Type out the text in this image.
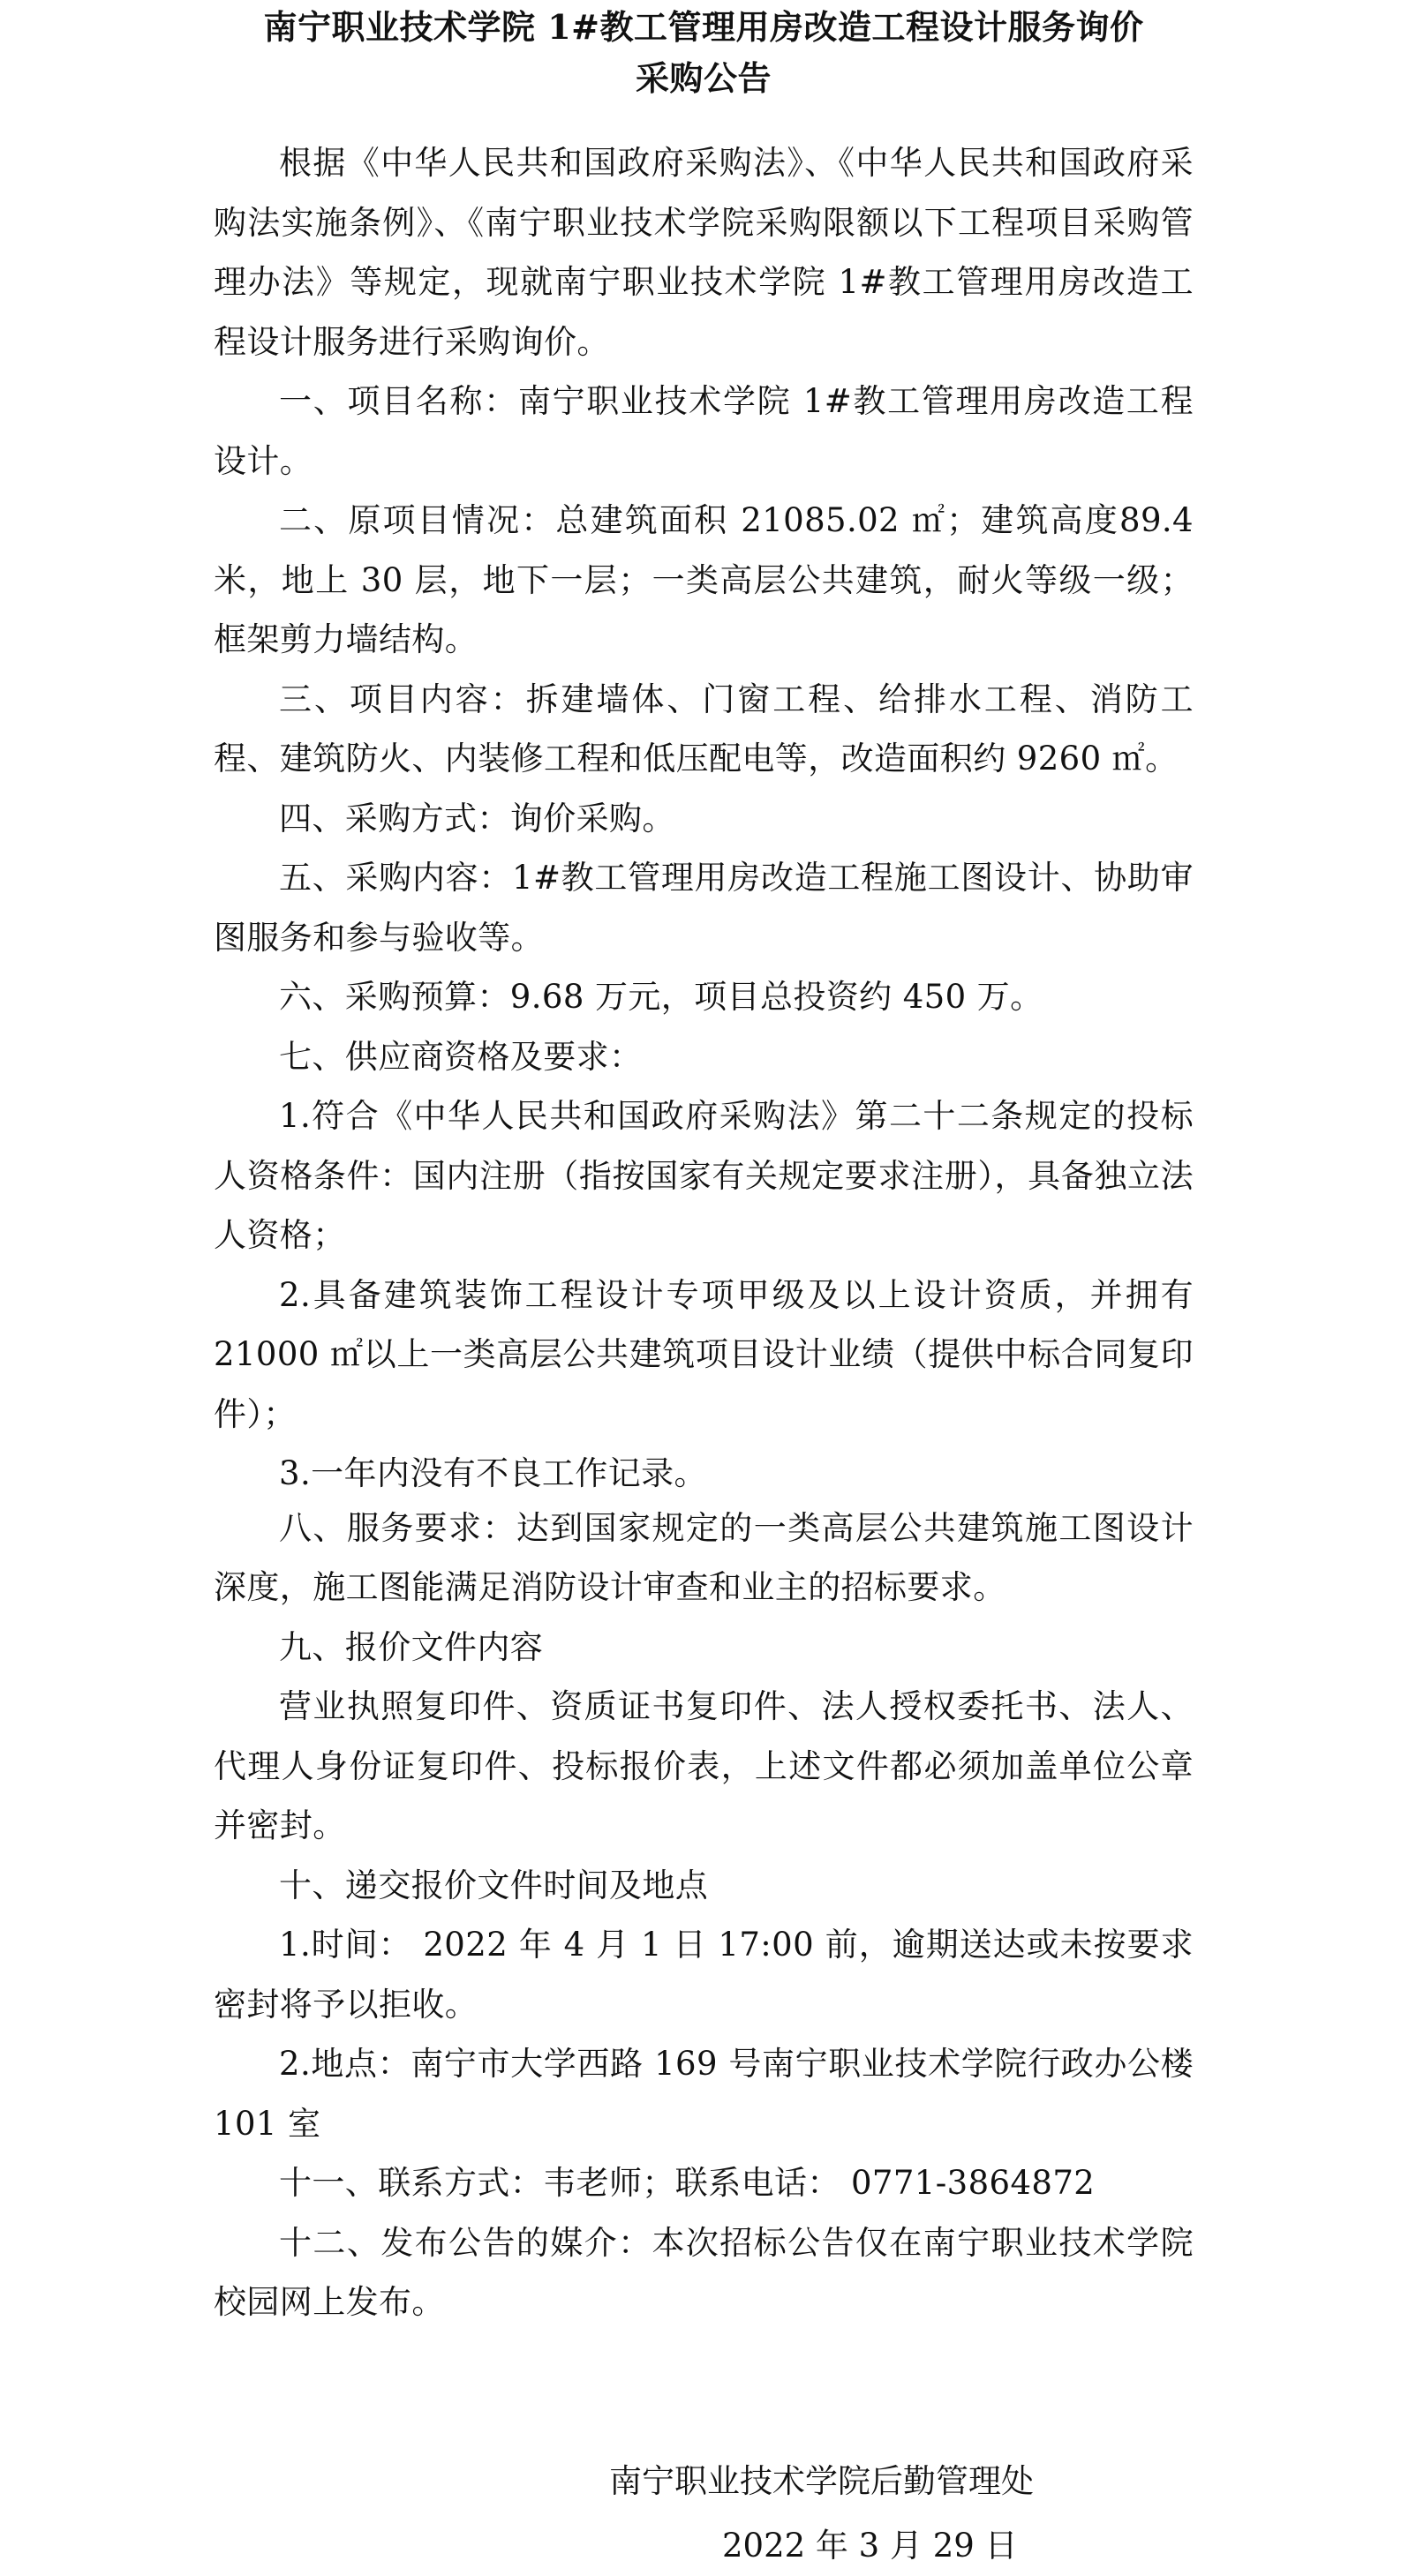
南宁职业技术学院 1#教工管理用房改造工程设计服务询价
采购公告

根据《中华人民共和国政府采购法》、《中华人民共和国政府采购法实施条例》、《南宁职业技术学院采购限额以下工程项目采购管理办法》等规定，现就南宁职业技术学院 1#教工管理用房改造工程设计服务进行采购询价。

一、项目名称：南宁职业技术学院 1#教工管理用房改造工程设计。

二、原项目情况：总建筑面积 21085.02 ㎡；建筑高度89.4 米，地上 30 层，地下一层；一类高层公共建筑，耐火等级一级；框架剪力墙结构。

三、项目内容：拆建墙体、门窗工程、给排水工程、消防工程、建筑防火、内装修工程和低压配电等，改造面积约 9260 ㎡。

四、采购方式：询价采购。

五、采购内容：1#教工管理用房改造工程施工图设计、协助审图服务和参与验收等。

六、采购预算：9.68 万元，项目总投资约 450 万。

七、供应商资格及要求：

1.符合《中华人民共和国政府采购法》第二十二条规定的投标人资格条件：国内注册（指按国家有关规定要求注册），具备独立法人资格；

2.具备建筑装饰工程设计专项甲级及以上设计资质，并拥有 21000 ㎡以上一类高层公共建筑项目设计业绩（提供中标合同复印件）；

3.一年内没有不良工作记录。

八、服务要求：达到国家规定的一类高层公共建筑施工图设计深度，施工图能满足消防设计审查和业主的招标要求。

九、报价文件内容

营业执照复印件、资质证书复印件、法人授权委托书、法人、代理人身份证复印件、投标报价表，上述文件都必须加盖单位公章并密封。

十、递交报价文件时间及地点

1.时间： 2022 年 4 月 1 日 17:00 前，逾期送达或未按要求密封将予以拒收。

2.地点：南宁市大学西路 169 号南宁职业技术学院行政办公楼 101 室

十一、联系方式：韦老师；联系电话： 0771-3864872

十二、发布公告的媒介：本次招标公告仅在南宁职业技术学院校园网上发布。

南宁职业技术学院后勤管理处
2022 年 3 月 29 日
